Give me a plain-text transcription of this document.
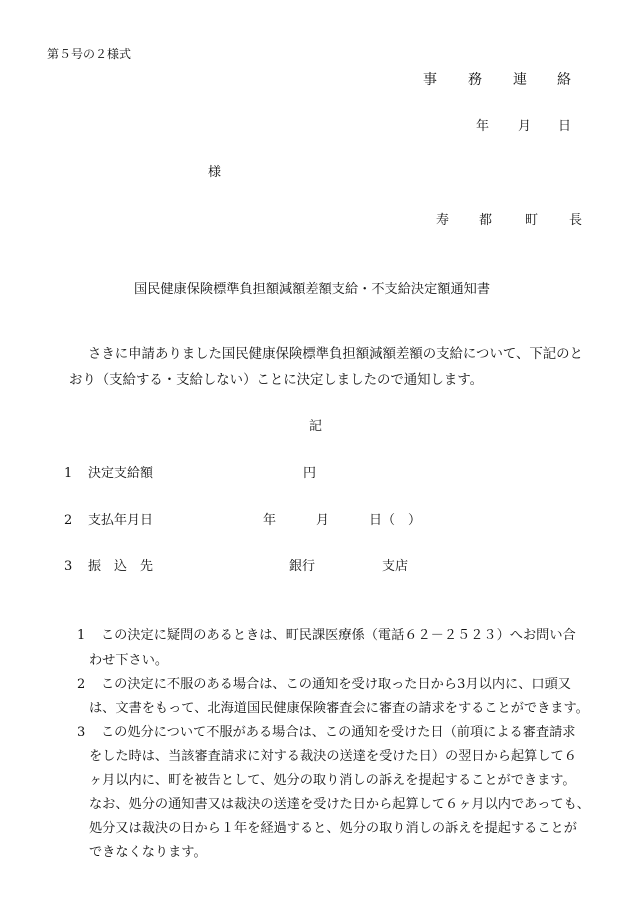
第５号の２様式
事 務 連 絡
年 月 日
様
寿 都	町 長
国民健康保険標準負担額減額差額支給・不支給決定額通知書
さきに申請ありました国民健康保険標準負担額減額差額の支給について、下記のと
おり（支給する・支給しない）ことに決定しましたので通知します。
記
1 決定支給額	円
2 支払年月日	年	月	日（　）
3 振　込　先	銀行	支店
1 この決定に疑問のあるときは、町民課医療係（電話６２－２５２３）へお問い合
わせ下さい。
2 この決定に不服のある場合は、この通知を受け取った日から3月以内に、口頭又
は、文書をもって、北海道国民健康保険審査会に審査の請求をすることができます。
3 この処分について不服がある場合は、この通知を受けた日（前項による審査請求
をした時は、当該審査請求に対する裁決の送達を受けた日）の翌日から起算して６
ヶ月以内に、町を被告として、処分の取り消しの訴えを提起することができます。
なお、処分の通知書又は裁決の送達を受けた日から起算して６ヶ月以内であっても、
処分又は裁決の日から１年を経過すると、処分の取り消しの訴えを提起することが
できなくなります。
